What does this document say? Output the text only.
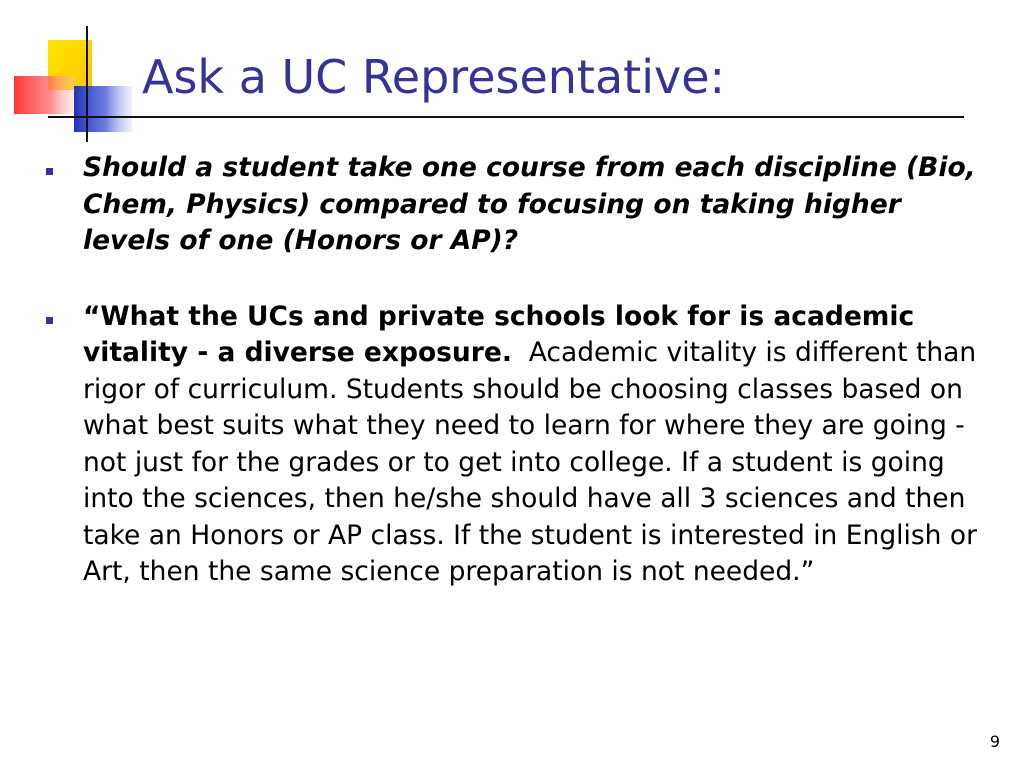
Ask a UC Representative:
Should a student take one course from each discipline (Bio, Chem, Physics) compared to focusing on taking higher levels of one (Honors or AP)?
“What the UCs and private schools look for is academic vitality - a diverse exposure. Academic vitality is different than rigor of curriculum. Students should be choosing classes based on what best suits what they need to learn for where they are going - not just for the grades or to get into college. If a student is going into the sciences, then he/she should have all 3 sciences and then take an Honors or AP class. If the student is interested in English or Art, then the same science preparation is not needed.”
9
